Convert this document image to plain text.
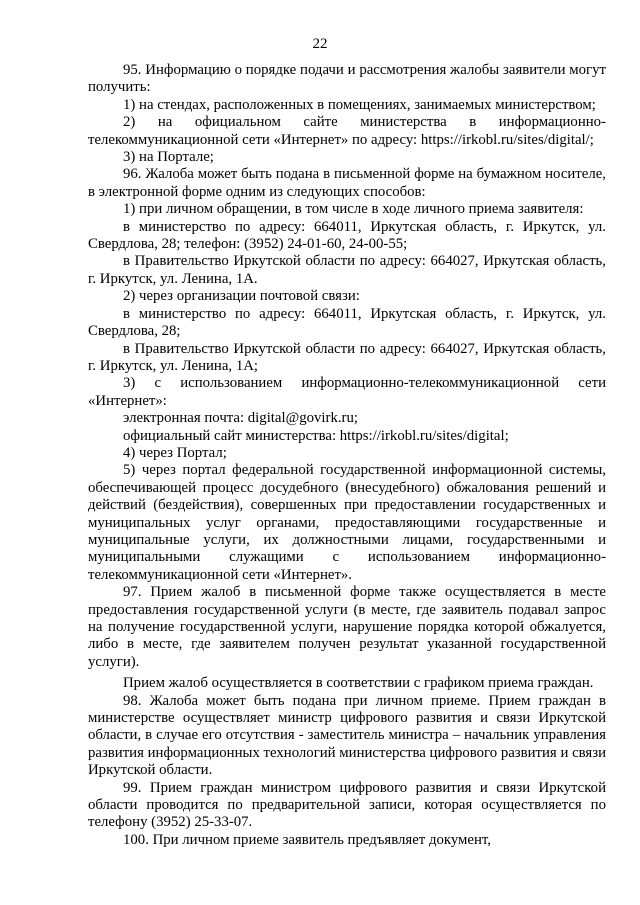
22

95. Информацию о порядке подачи и рассмотрения жалобы заявители могут получить:

1) на стендах, расположенных в помещениях, занимаемых министерством;

2) на официальном сайте министерства в информационно-телекоммуникационной сети «Интернет» по адресу: https://irkobl.ru/sites/digital/;

3) на Портале;

96. Жалоба может быть подана в письменной форме на бумажном носителе, в электронной форме одним из следующих способов:

1) при личном обращении, в том числе в ходе личного приема заявителя:

в министерство по адресу: 664011, Иркутская область, г. Иркутск, ул. Свердлова, 28; телефон: (3952) 24-01-60, 24-00-55;

в Правительство Иркутской области по адресу: 664027, Иркутская область, г. Иркутск, ул. Ленина, 1А.

2) через организации почтовой связи:

в министерство по адресу: 664011, Иркутская область, г. Иркутск, ул. Свердлова, 28;

в Правительство Иркутской области по адресу: 664027, Иркутская область, г. Иркутск, ул. Ленина, 1А;

3) с использованием информационно-телекоммуникационной сети «Интернет»:

электронная почта: digital@govirk.ru;

официальный сайт министерства: https://irkobl.ru/sites/digital;

4) через Портал;

5) через портал федеральной государственной информационной системы, обеспечивающей процесс досудебного (внесудебного) обжалования решений и действий (бездействия), совершенных при предоставлении государственных и муниципальных услуг органами, предоставляющими государственные и муниципальные услуги, их должностными лицами, государственными и муниципальными служащими с использованием информационно-телекоммуникационной сети «Интернет».

97. Прием жалоб в письменной форме также осуществляется в месте предоставления государственной услуги (в месте, где заявитель подавал запрос на получение государственной услуги, нарушение порядка которой обжалуется, либо в месте, где заявителем получен результат указанной государственной услуги).

Прием жалоб осуществляется в соответствии с графиком приема граждан.

98. Жалоба может быть подана при личном приеме. Прием граждан в министерстве осуществляет министр цифрового развития и связи Иркутской области, в случае его отсутствия - заместитель министра – начальник управления развития информационных технологий министерства цифрового развития и связи Иркутской области.

99. Прием граждан министром цифрового развития и связи Иркутской области проводится по предварительной записи, которая осуществляется по телефону (3952) 25-33-07.

100. При личном приеме заявитель предъявляет документ,
